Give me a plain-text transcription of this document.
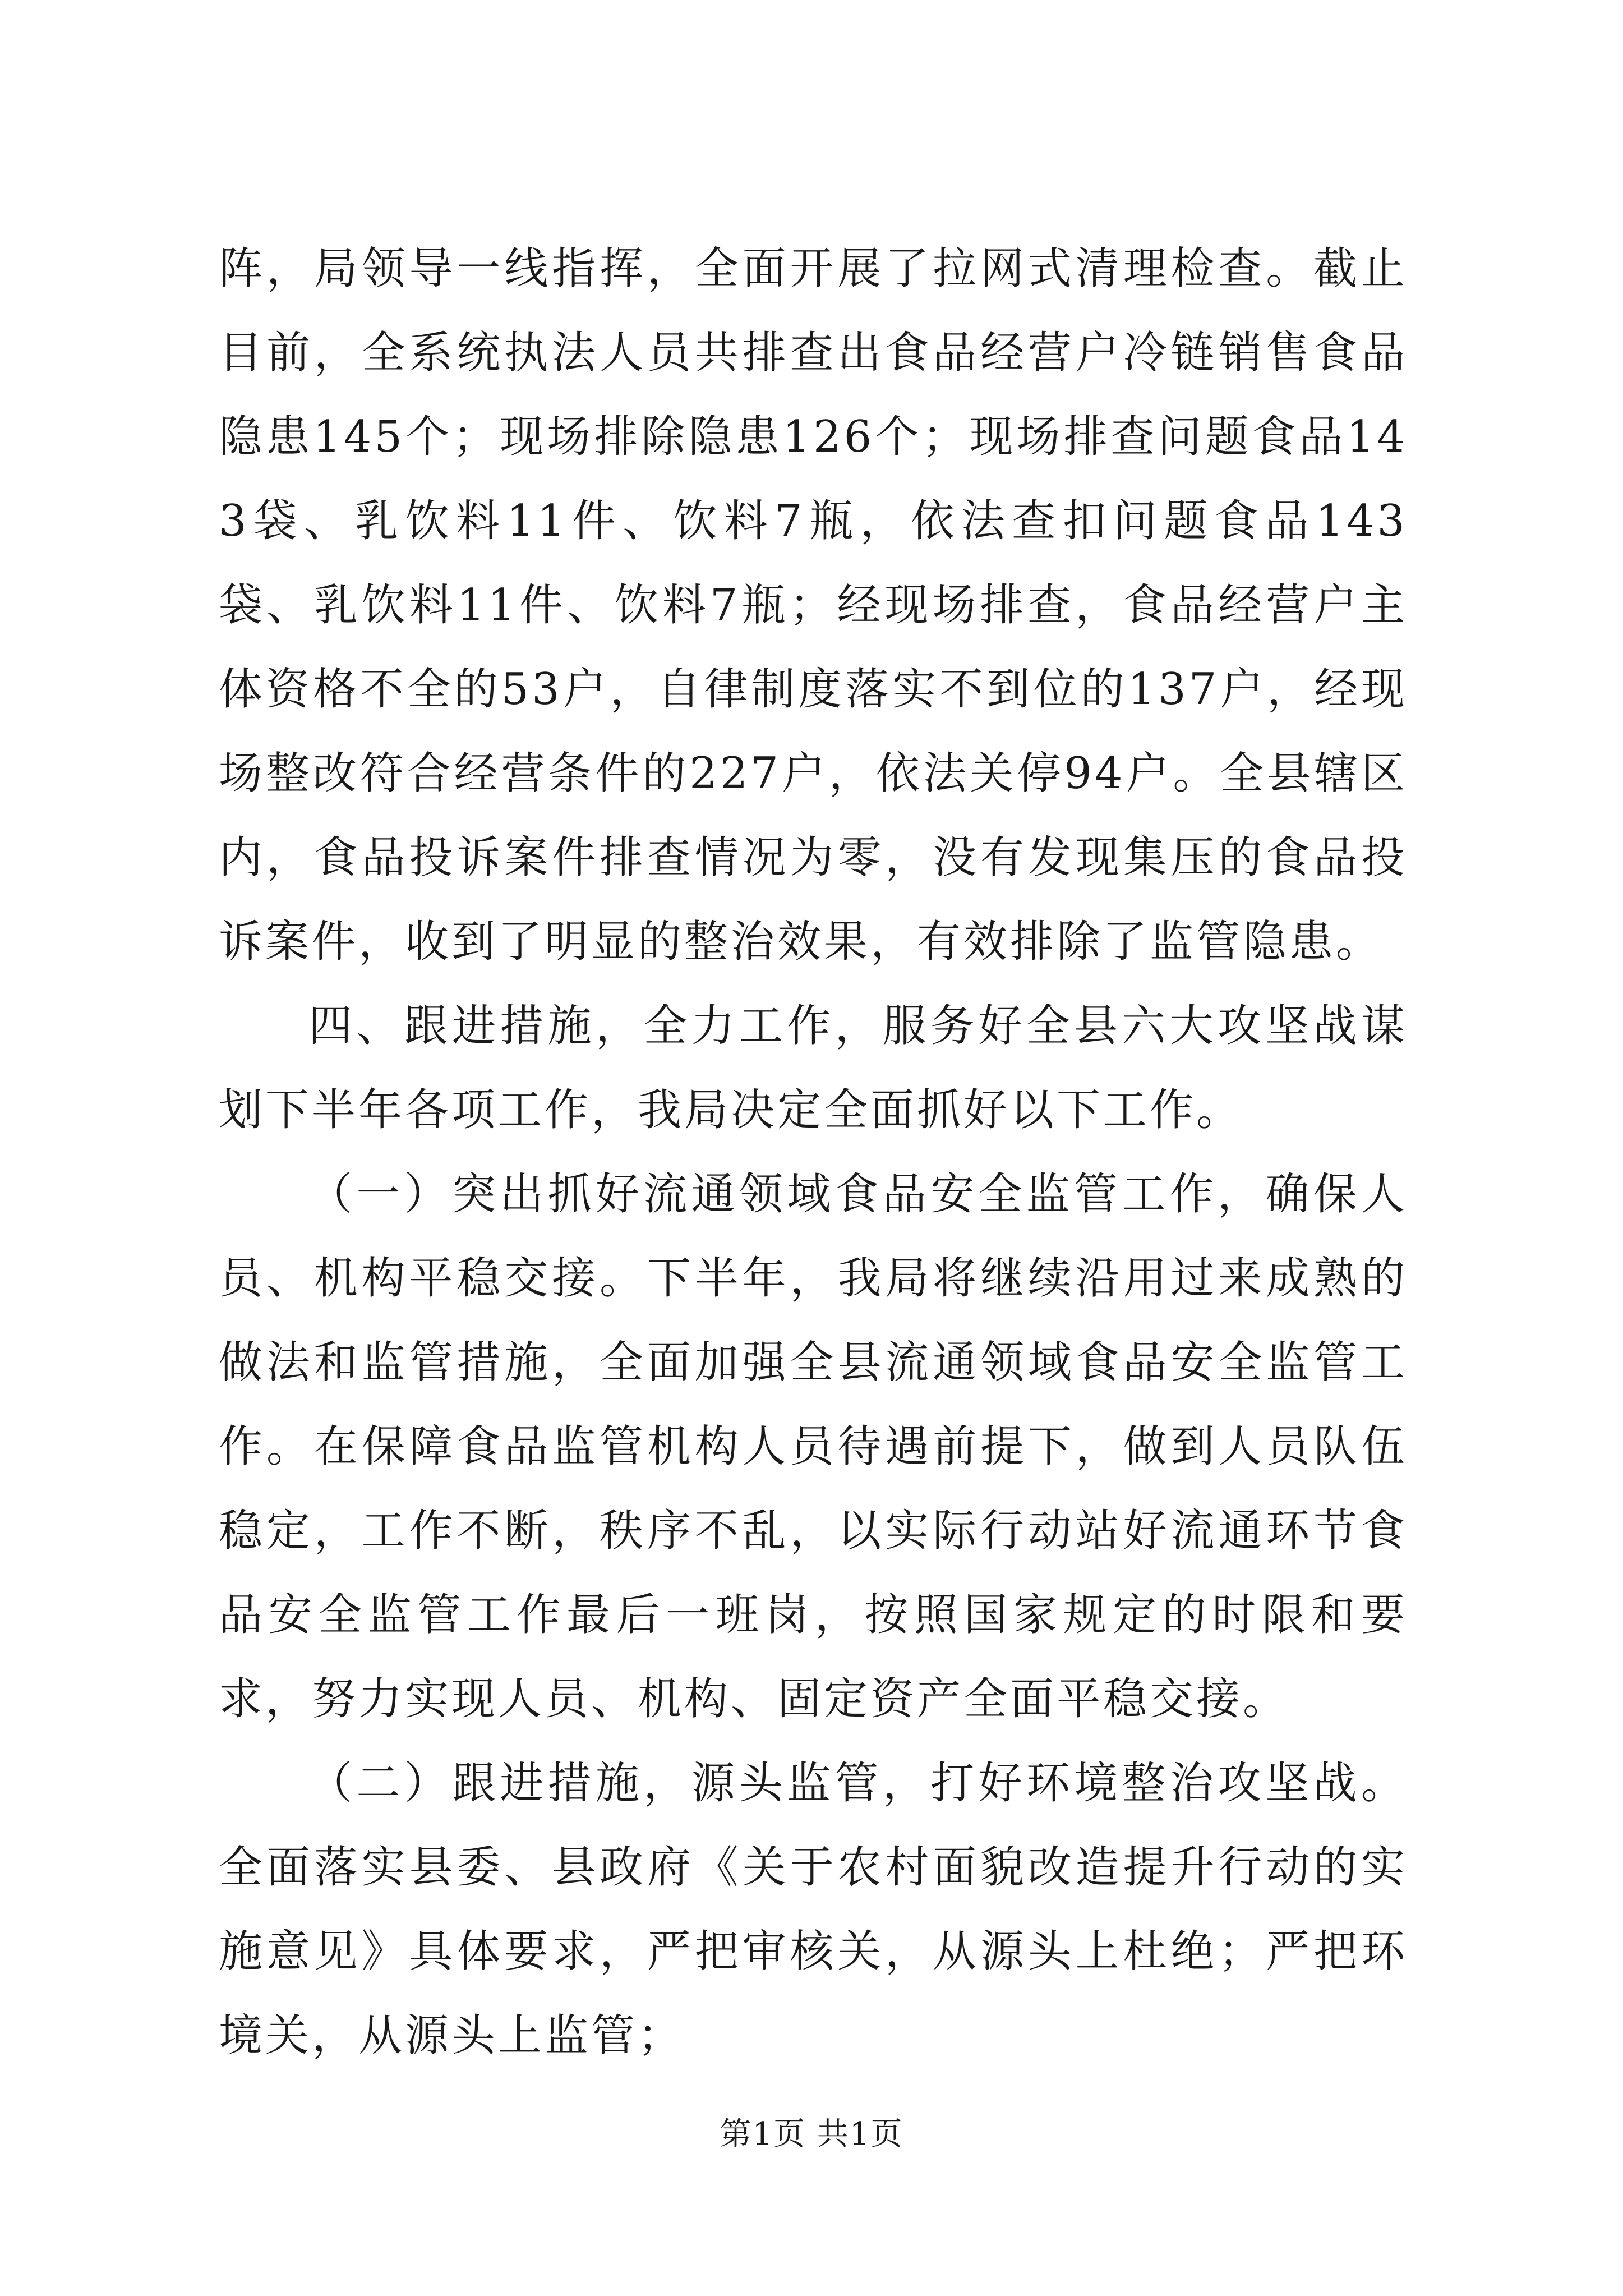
阵，局领导一线指挥，全面开展了拉网式清理检查。截止目前，全系统执法人员共排查出食品经营户冷链销售食品隐患145个；现场排除隐患126个；现场排查问题食品143袋、乳饮料11件、饮料7瓶，依法查扣问题食品143袋、乳饮料11件、饮料7瓶；经现场排查，食品经营户主体资格不全的53户，自律制度落实不到位的137户，经现场整改符合经营条件的227户，依法关停94户。全县辖区内，食品投诉案件排查情况为零，没有发现集压的食品投诉案件，收到了明显的整治效果，有效排除了监管隐患。

四、跟进措施，全力工作，服务好全县六大攻坚战谋划下半年各项工作，我局决定全面抓好以下工作。

（一）突出抓好流通领域食品安全监管工作，确保人员、机构平稳交接。下半年，我局将继续沿用过来成熟的做法和监管措施，全面加强全县流通领域食品安全监管工作。在保障食品监管机构人员待遇前提下，做到人员队伍稳定，工作不断，秩序不乱，以实际行动站好流通环节食品安全监管工作最后一班岗，按照国家规定的时限和要求，努力实现人员、机构、固定资产全面平稳交接。

（二）跟进措施，源头监管，打好环境整治攻坚战。全面落实县委、县政府《关于农村面貌改造提升行动的实施意见》具体要求，严把审核关，从源头上杜绝；严把环境关，从源头上监管；

第1页 共1页
